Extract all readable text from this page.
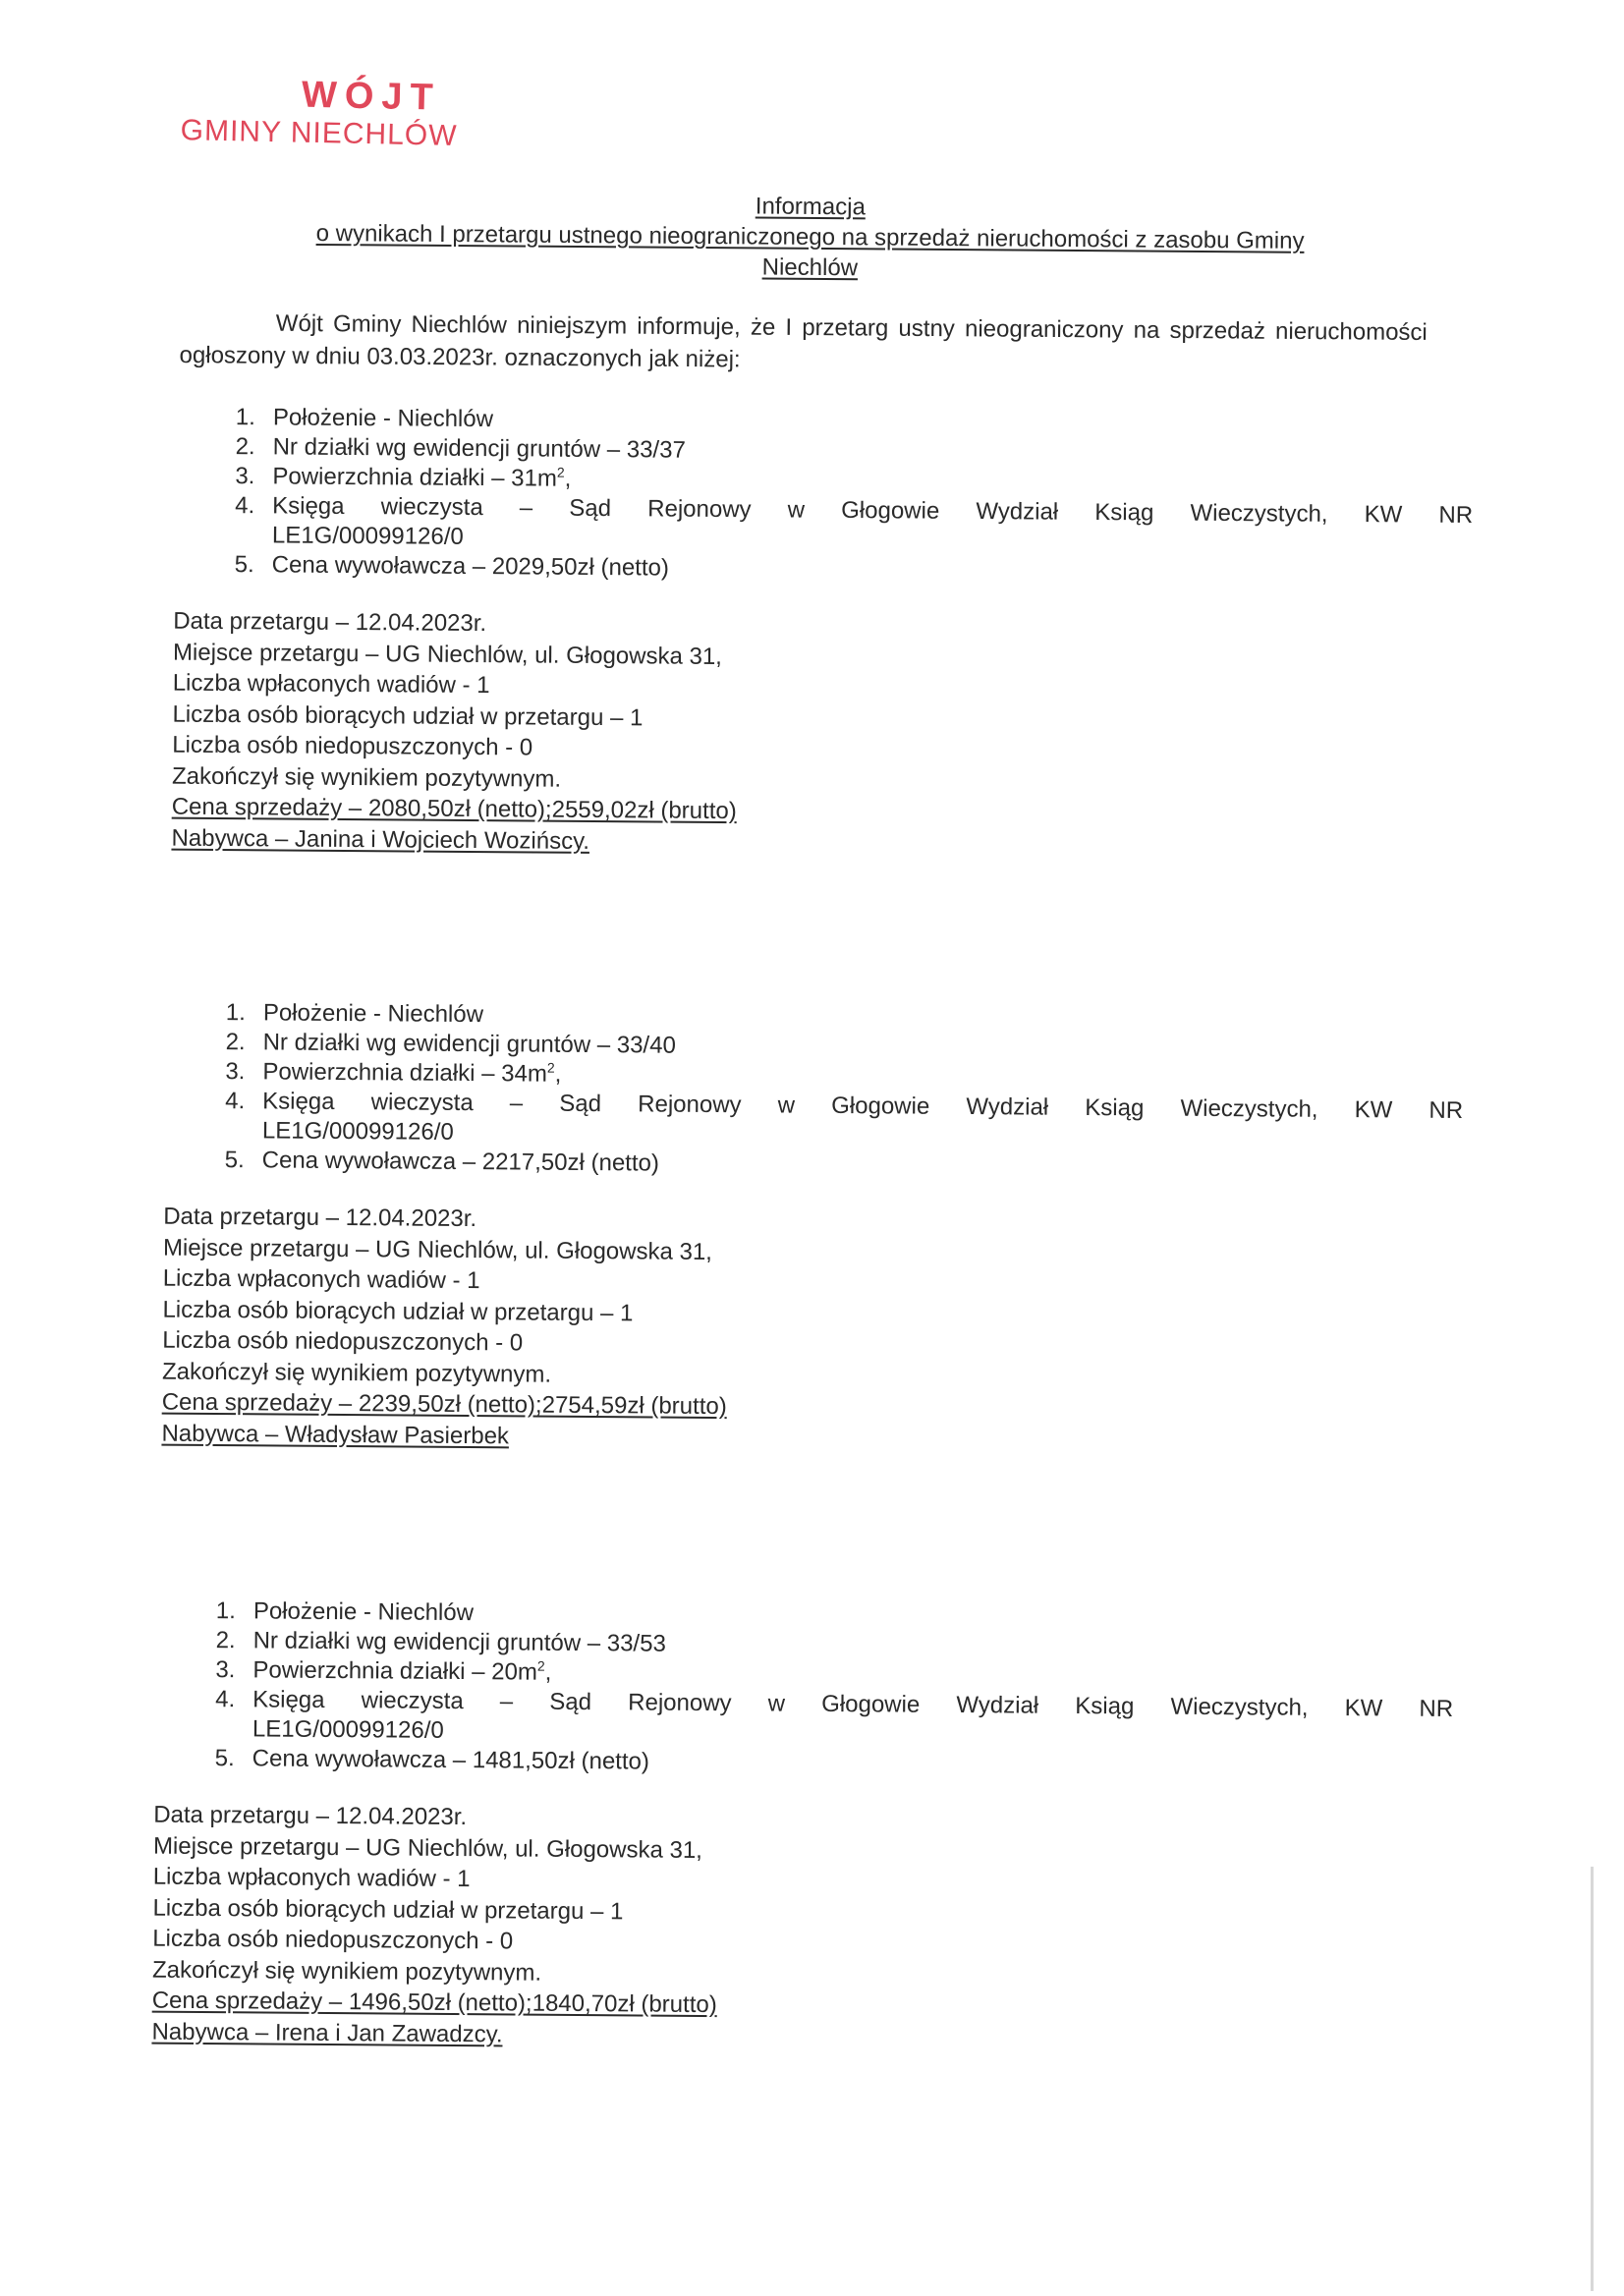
WÓJT
GMINY NIECHLÓW
Informacja
o wynikach I przetargu ustnego nieograniczonego na sprzedaż nieruchomości z zasobu Gminy
Niechlów
Wójt Gminy Niechlów niniejszym informuje, że I przetarg ustny nieograniczony na sprzedaż nieruchomości ogłoszony w dniu 03.03.2023r. oznaczonych jak niżej:
1. Położenie - Niechlów
2. Nr działki wg ewidencji gruntów – 33/37
3. Powierzchnia działki – $31m^2$,
4. Księga wieczysta – Sąd Rejonowy w Głogowie Wydział Ksiąg Wieczystych, KW NR
LE1G/00099126/0
5. Cena wywoławcza – 2029,50zł (netto)
Data przetargu – 12.04.2023r.
Miejsce przetargu – UG Niechlów, ul. Głogowska 31,
Liczba wpłaconych wadiów - 1
Liczba osób biorących udział w przetargu – 1
Liczba osób niedopuszczonych - 0
Zakończył się wynikiem pozytywnym.
Cena sprzedaży – 2080,50zł (netto);2559,02zł (brutto)
Nabywca – Janina i Wojciech Wozińscy.
1. Położenie - Niechlów
2. Nr działki wg ewidencji gruntów – 33/40
3. Powierzchnia działki – $34m^2$,
4. Księga wieczysta – Sąd Rejonowy w Głogowie Wydział Ksiąg Wieczystych, KW NR
LE1G/00099126/0
5. Cena wywoławcza – 2217,50zł (netto)
Data przetargu – 12.04.2023r.
Miejsce przetargu – UG Niechlów, ul. Głogowska 31,
Liczba wpłaconych wadiów - 1
Liczba osób biorących udział w przetargu – 1
Liczba osób niedopuszczonych - 0
Zakończył się wynikiem pozytywnym.
Cena sprzedaży – 2239,50zł (netto);2754,59zł (brutto)
Nabywca – Władysław Pasierbek
1. Położenie - Niechlów
2. Nr działki wg ewidencji gruntów – 33/53
3. Powierzchnia działki – $20m^2$,
4. Księga wieczysta – Sąd Rejonowy w Głogowie Wydział Ksiąg Wieczystych, KW NR
LE1G/00099126/0
5. Cena wywoławcza – 1481,50zł (netto)
Data przetargu – 12.04.2023r.
Miejsce przetargu – UG Niechlów, ul. Głogowska 31,
Liczba wpłaconych wadiów - 1
Liczba osób biorących udział w przetargu – 1
Liczba osób niedopuszczonych - 0
Zakończył się wynikiem pozytywnym.
Cena sprzedaży – 1496,50zł (netto);1840,70zł (brutto)
Nabywca – Irena i Jan Zawadzcy.
